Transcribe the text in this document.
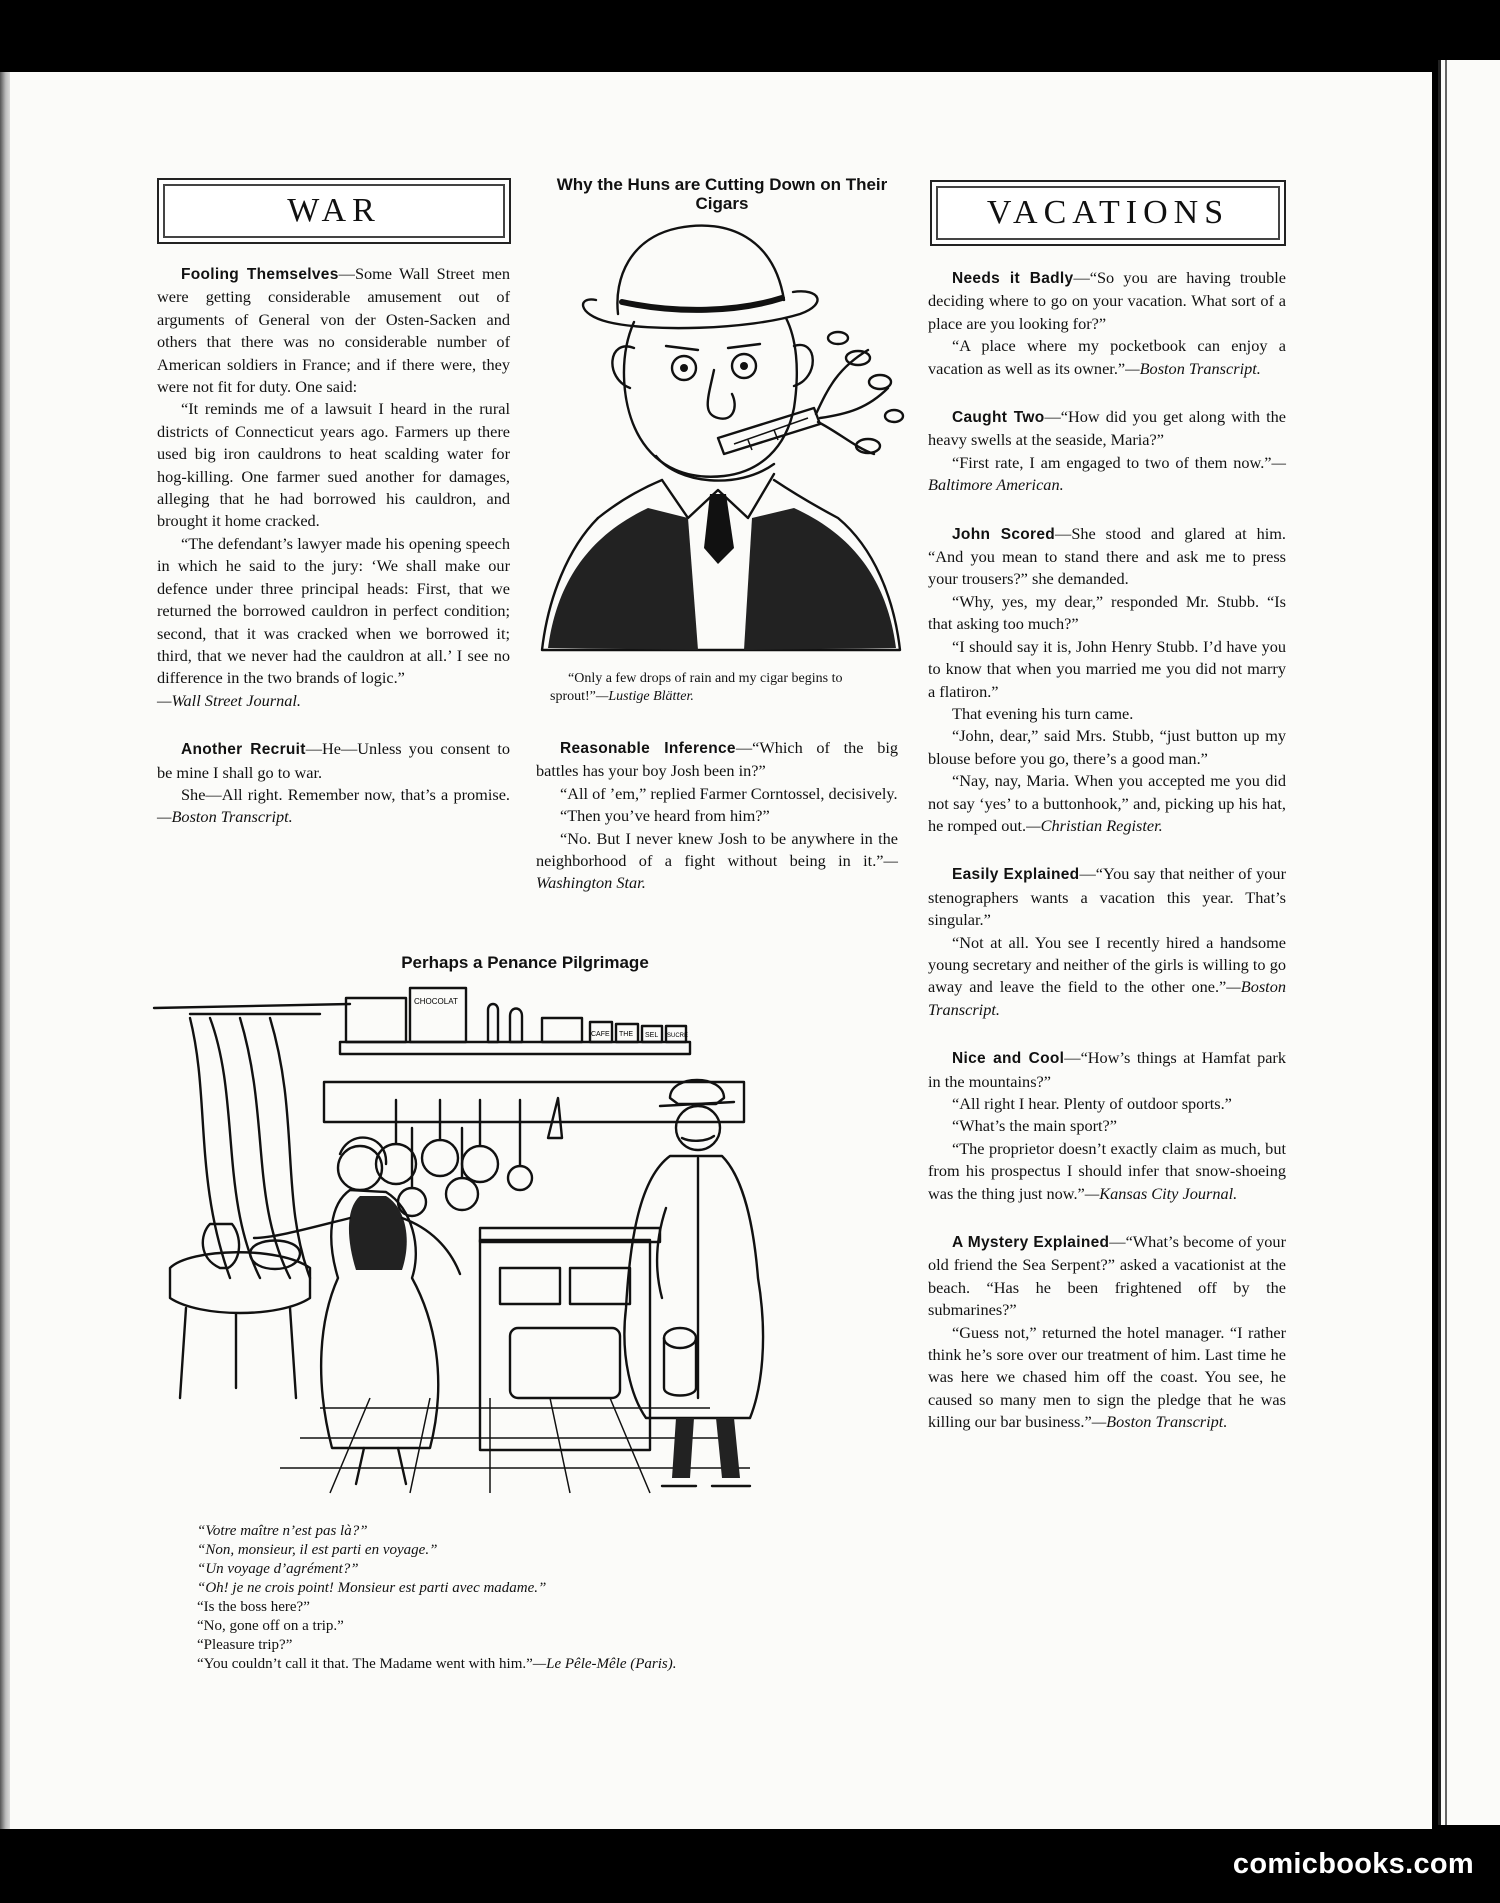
WAR

Fooling Themselves—Some Wall Street men were getting considerable amusement out of arguments of General von der Osten-Sacken and others that there was no considerable number of American soldiers in France; and if there were, they were not fit for duty. One said:

“It reminds me of a lawsuit I heard in the rural districts of Connecticut years ago. Farmers up there used big iron cauldrons to heat scalding water for hog-killing. One farmer sued another for damages, alleging that he had borrowed his cauldron, and brought it home cracked.

“The defendant’s lawyer made his opening speech in which he said to the jury: ‘We shall make our defence under three principal heads: First, that we returned the borrowed cauldron in perfect condition; second, that it was cracked when we borrowed it; third, that we never had the cauldron at all.’ I see no difference in the two brands of logic.”

—Wall Street Journal.

Another Recruit—He—Unless you consent to be mine I shall go to war.

She—All right. Remember now, that’s a promise.—Boston Transcript.

Why the Huns are Cutting Down on Their Cigars
“Only a few drops of rain and my cigar begins to sprout!”—Lustige Blätter.

Reasonable Inference—“Which of the big battles has your boy Josh been in?”

“All of ’em,” replied Farmer Corntossel, decisively.

“Then you’ve heard from him?”

“No. But I never knew Josh to be anywhere in the neighborhood of a fight without being in it.”—Washington Star.

Perhaps a Penance Pilgrimage
CHOCOLAT
CAFE THE SEL SUCRE
“Votre maître n’est pas là?”
“Non, monsieur, il est parti en voyage.”
“Un voyage d’agrément?”
“Oh! je ne crois point! Monsieur est parti avec madame.”
“Is the boss here?”
“No, gone off on a trip.”
“Pleasure trip?”
“You couldn’t call it that. The Madame went with him.”—Le Pêle-Mêle (Paris).
VACATIONS

Needs it Badly—“So you are having trouble deciding where to go on your vacation. What sort of a place are you looking for?”

“A place where my pocketbook can enjoy a vacation as well as its owner.”—Boston Transcript.

Caught Two—“How did you get along with the heavy swells at the seaside, Maria?”

“First rate, I am engaged to two of them now.”—Baltimore American.

John Scored—She stood and glared at him. “And you mean to stand there and ask me to press your trousers?” she demanded.

“Why, yes, my dear,” responded Mr. Stubb. “Is that asking too much?”

“I should say it is, John Henry Stubb. I’d have you to know that when you married me you did not marry a flatiron.”

That evening his turn came.

“John, dear,” said Mrs. Stubb, “just button up my blouse before you go, there’s a good man.”

“Nay, nay, Maria. When you accepted me you did not say ‘yes’ to a buttonhook,” and, picking up his hat, he romped out.—Christian Register.

Easily Explained—“You say that neither of your stenographers wants a vacation this year. That’s singular.”

“Not at all. You see I recently hired a handsome young secretary and neither of the girls is willing to go away and leave the field to the other one.”—Boston Transcript.

Nice and Cool—“How’s things at Hamfat park in the mountains?”

“All right I hear. Plenty of outdoor sports.”

“What’s the main sport?”

“The proprietor doesn’t exactly claim as much, but from his prospectus I should infer that snow-shoeing was the thing just now.”—Kansas City Journal.

A Mystery Explained—“What’s become of your old friend the Sea Serpent?” asked a vacationist at the beach. “Has he been frightened off by the submarines?”

“Guess not,” returned the hotel manager. “I rather think he’s sore over our treatment of him. Last time he was here we chased him off the coast. You see, he caused so many men to sign the pledge that he was killing our bar business.”—Boston Transcript.

comicbooks.com
